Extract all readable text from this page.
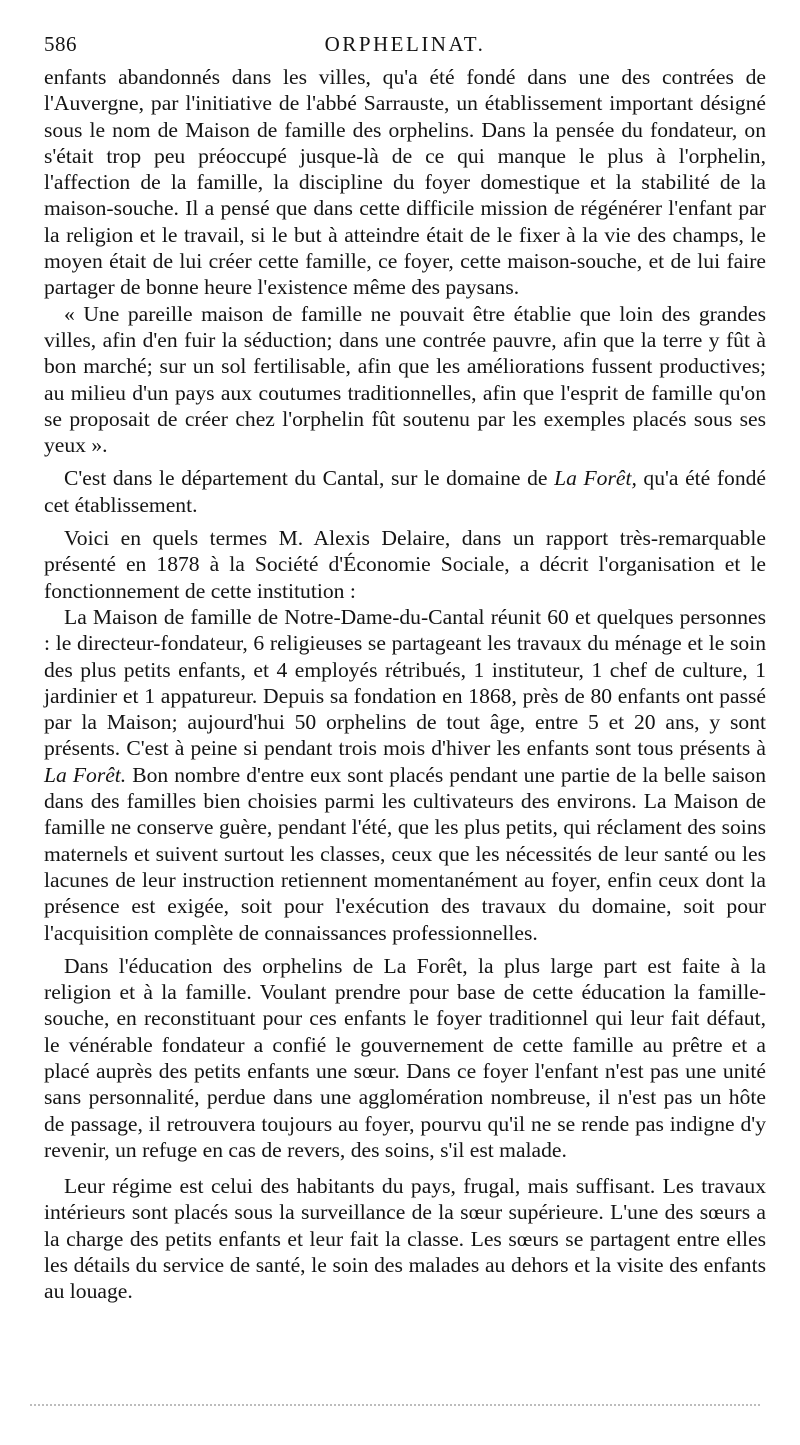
586	ORPHELINAT.

enfants abandonnés dans les villes, qu'a été fondé dans une des contrées de l'Auvergne, par l'initiative de l'abbé Sarrauste, un établissement important désigné sous le nom de Maison de famille des orphelins. Dans la pensée du fondateur, on s'était trop peu préoccupé jusque-là de ce qui manque le plus à l'orphelin, l'affection de la famille, la discipline du foyer domestique et la stabilité de la maison-souche. Il a pensé que dans cette difficile mission de régénérer l'enfant par la religion et le travail, si le but à atteindre était de le fixer à la vie des champs, le moyen était de lui créer cette famille, ce foyer, cette maison-souche, et de lui faire partager de bonne heure l'existence même des paysans.

« Une pareille maison de famille ne pouvait être établie que loin des grandes villes, afin d'en fuir la séduction; dans une contrée pauvre, afin que la terre y fût à bon marché; sur un sol fertilisable, afin que les améliorations fussent productives; au milieu d'un pays aux coutumes traditionnelles, afin que l'esprit de famille qu'on se proposait de créer chez l'orphelin fût soutenu par les exemples placés sous ses yeux ».

C'est dans le département du Cantal, sur le domaine de La Forêt, qu'a été fondé cet établissement.

Voici en quels termes M. Alexis Delaire, dans un rapport très-remarquable présenté en 1878 à la Société d'Économie Sociale, a décrit l'organisation et le fonctionnement de cette institution :

La Maison de famille de Notre-Dame-du-Cantal réunit 60 et quelques personnes : le directeur-fondateur, 6 religieuses se partageant les travaux du ménage et le soin des plus petits enfants, et 4 employés rétribués, 1 instituteur, 1 chef de culture, 1 jardinier et 1 appatureur. Depuis sa fondation en 1868, près de 80 enfants ont passé par la Maison; aujourd'hui 50 orphelins de tout âge, entre 5 et 20 ans, y sont présents. C'est à peine si pendant trois mois d'hiver les enfants sont tous présents à La Forêt. Bon nombre d'entre eux sont placés pendant une partie de la belle saison dans des familles bien choisies parmi les cultivateurs des environs. La Maison de famille ne conserve guère, pendant l'été, que les plus petits, qui réclament des soins maternels et suivent surtout les classes, ceux que les nécessités de leur santé ou les lacunes de leur instruction retiennent momentanément au foyer, enfin ceux dont la présence est exigée, soit pour l'exécution des travaux du domaine, soit pour l'acquisition complète de connaissances professionnelles.

Dans l'éducation des orphelins de La Forêt, la plus large part est faite à la religion et à la famille. Voulant prendre pour base de cette éducation la famille-souche, en reconstituant pour ces enfants le foyer traditionnel qui leur fait défaut, le vénérable fondateur a confié le gouvernement de cette famille au prêtre et a placé auprès des petits enfants une sœur. Dans ce foyer l'enfant n'est pas une unité sans personnalité, perdue dans une agglomération nombreuse, il n'est pas un hôte de passage, il retrouvera toujours au foyer, pourvu qu'il ne se rende pas indigne d'y revenir, un refuge en cas de revers, des soins, s'il est malade.

Leur régime est celui des habitants du pays, frugal, mais suffisant. Les travaux intérieurs sont placés sous la surveillance de la sœur supérieure. L'une des sœurs a la charge des petits enfants et leur fait la classe. Les sœurs se partagent entre elles les détails du service de santé, le soin des malades au dehors et la visite des enfants au louage.
